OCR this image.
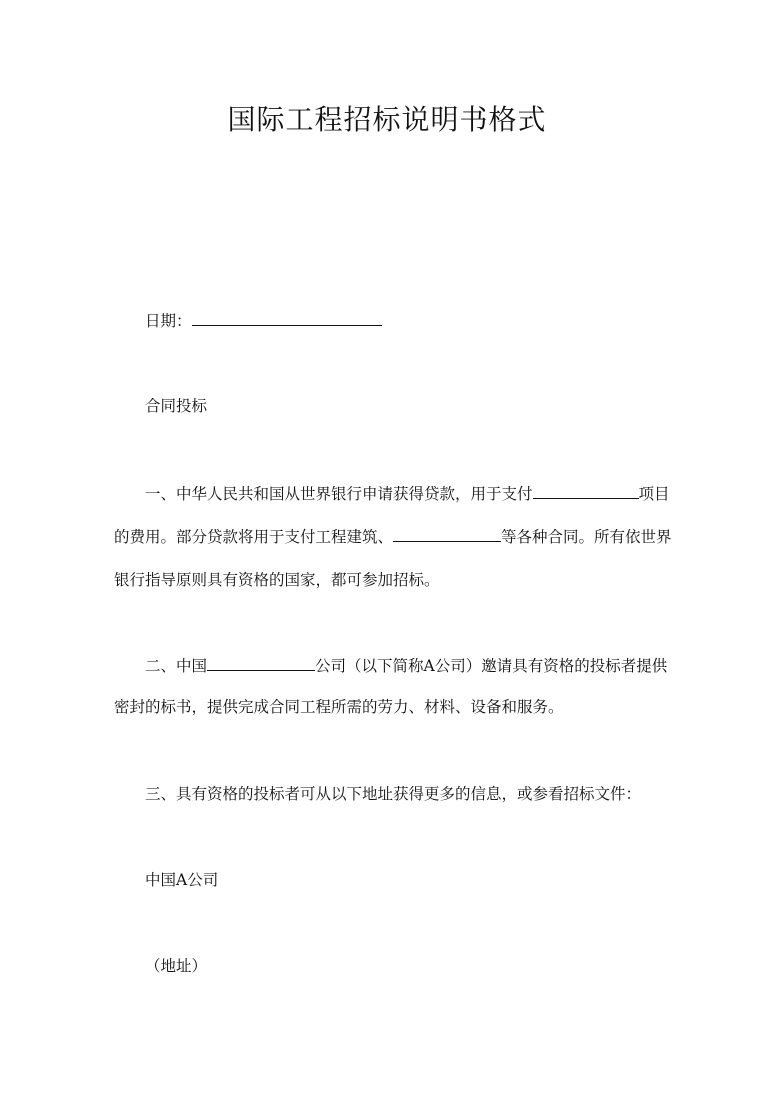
国际工程招标说明书格式
日期：
合同投标
一、中华人民共和国从世界银行申请获得贷款，用于支付	项目
的费用。部分贷款将用于支付工程建筑、	等各种合同。所有依世界
银行指导原则具有资格的国家，都可参加招标。
二、中国	公司（以下简称A公司）邀请具有资格的投标者提供
密封的标书，提供完成合同工程所需的劳力、材料、设备和服务。
三、具有资格的投标者可从以下地址获得更多的信息，或参看招标文件：
中国A公司
（地址）
